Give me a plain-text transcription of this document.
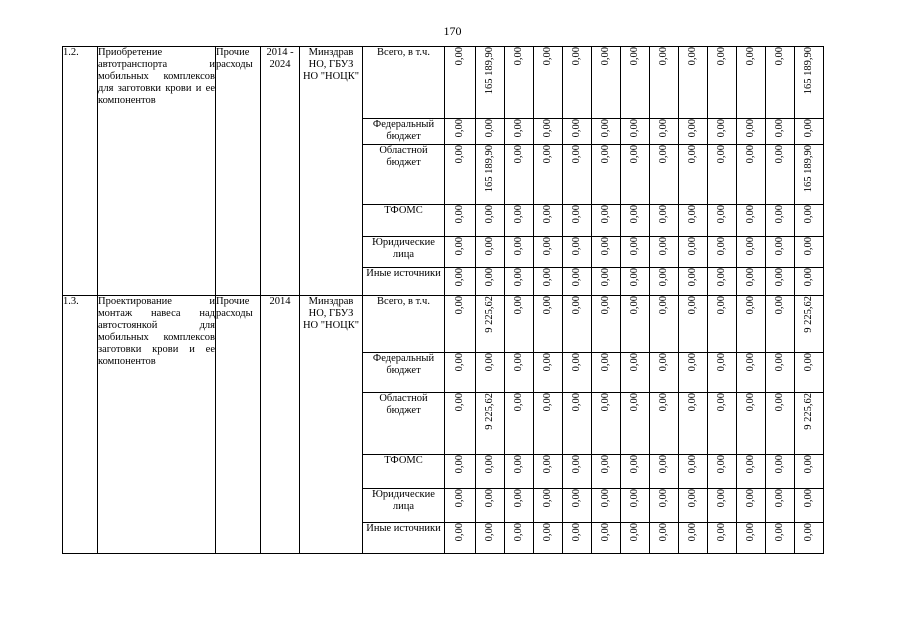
170
1.2.	Приобретение автотранспорта и мобильных комплексов для заготовки крови и ее компонентов	Прочие расходы	2014 - 2024	Минздрав НО, ГБУЗ НО "НОЦК"	Всего, в т.ч.	0,00	165 189,90	0,00	0,00	0,00	0,00	0,00	0,00	0,00	0,00	0,00	0,00	165 189,90

					Федеральный бюджет	0,00	0,00	0,00	0,00	0,00	0,00	0,00	0,00	0,00	0,00	0,00	0,00	0,00

					Областной бюджет	0,00	165 189,90	0,00	0,00	0,00	0,00	0,00	0,00	0,00	0,00	0,00	0,00	165 189,90

					ТФОМС	0,00	0,00	0,00	0,00	0,00	0,00	0,00	0,00	0,00	0,00	0,00	0,00	0,00

					Юридические лица	0,00	0,00	0,00	0,00	0,00	0,00	0,00	0,00	0,00	0,00	0,00	0,00	0,00

					Иные источники	0,00	0,00	0,00	0,00	0,00	0,00	0,00	0,00	0,00	0,00	0,00	0,00	0,00

1.3.	Проектирование и монтаж навеса над автостоянкой для мобильных комплексов заготовки крови и ее компонентов	Прочие расходы	2014	Минздрав НО, ГБУЗ НО "НОЦК"	Всего, в т.ч.	0,00	9 225,62	0,00	0,00	0,00	0,00	0,00	0,00	0,00	0,00	0,00	0,00	9 225,62

					Федеральный бюджет	0,00	0,00	0,00	0,00	0,00	0,00	0,00	0,00	0,00	0,00	0,00	0,00	0,00

					Областной бюджет	0,00	9 225,62	0,00	0,00	0,00	0,00	0,00	0,00	0,00	0,00	0,00	0,00	9 225,62

					ТФОМС	0,00	0,00	0,00	0,00	0,00	0,00	0,00	0,00	0,00	0,00	0,00	0,00	0,00

					Юридические лица	0,00	0,00	0,00	0,00	0,00	0,00	0,00	0,00	0,00	0,00	0,00	0,00	0,00

					Иные источники	0,00	0,00	0,00	0,00	0,00	0,00	0,00	0,00	0,00	0,00	0,00	0,00	0,00
